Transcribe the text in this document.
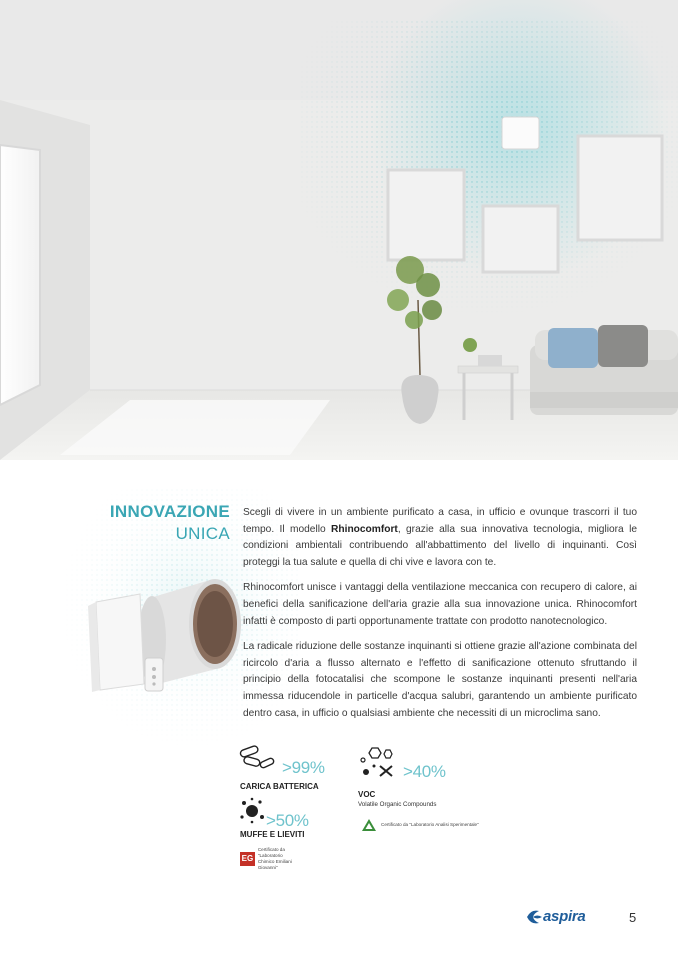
INNOVAZIONE
UNICA

Scegli di vivere in un ambiente purificato a casa, in ufficio e ovunque trascorri il tuo tempo. Il modello Rhinocomfort, grazie alla sua innovativa tecnologia, migliora le condizioni ambientali contribuendo all'abbattimento del livello di inquinanti. Così proteggi la tua salute e quella di chi vive e lavora con te.

Rhinocomfort unisce i vantaggi della ventilazione meccanica con recupero di calore, ai benefici della sanificazione dell'aria grazie alla sua innovazione unica. Rhinocomfort infatti è composto di parti opportunamente trattate con prodotto nanotecnologico.

La radicale riduzione delle sostanze inquinanti si ottiene grazie all'azione combinata del ricircolo d'aria a flusso alternato e l'effetto di sanificazione ottenuto sfruttando il principio della fotocatalisi che scompone le sostanze inquinanti presenti nell'aria immessa riducendole in particelle d'acqua salubri, garantendo un ambiente purificato dentro casa, in ufficio o qualsiasi ambiente che necessiti di un microclima sano.

>99%
CARICA BATTERICA
>50%
MUFFE E LIEVITI
EG
Certificato da "Laboratorio
Chimico Emiliani Giovanni"
>40%
VOC
Volatile Organic Compounds
Certificato da "Laboratorio Analisi Sperimentale"
aspira	5
